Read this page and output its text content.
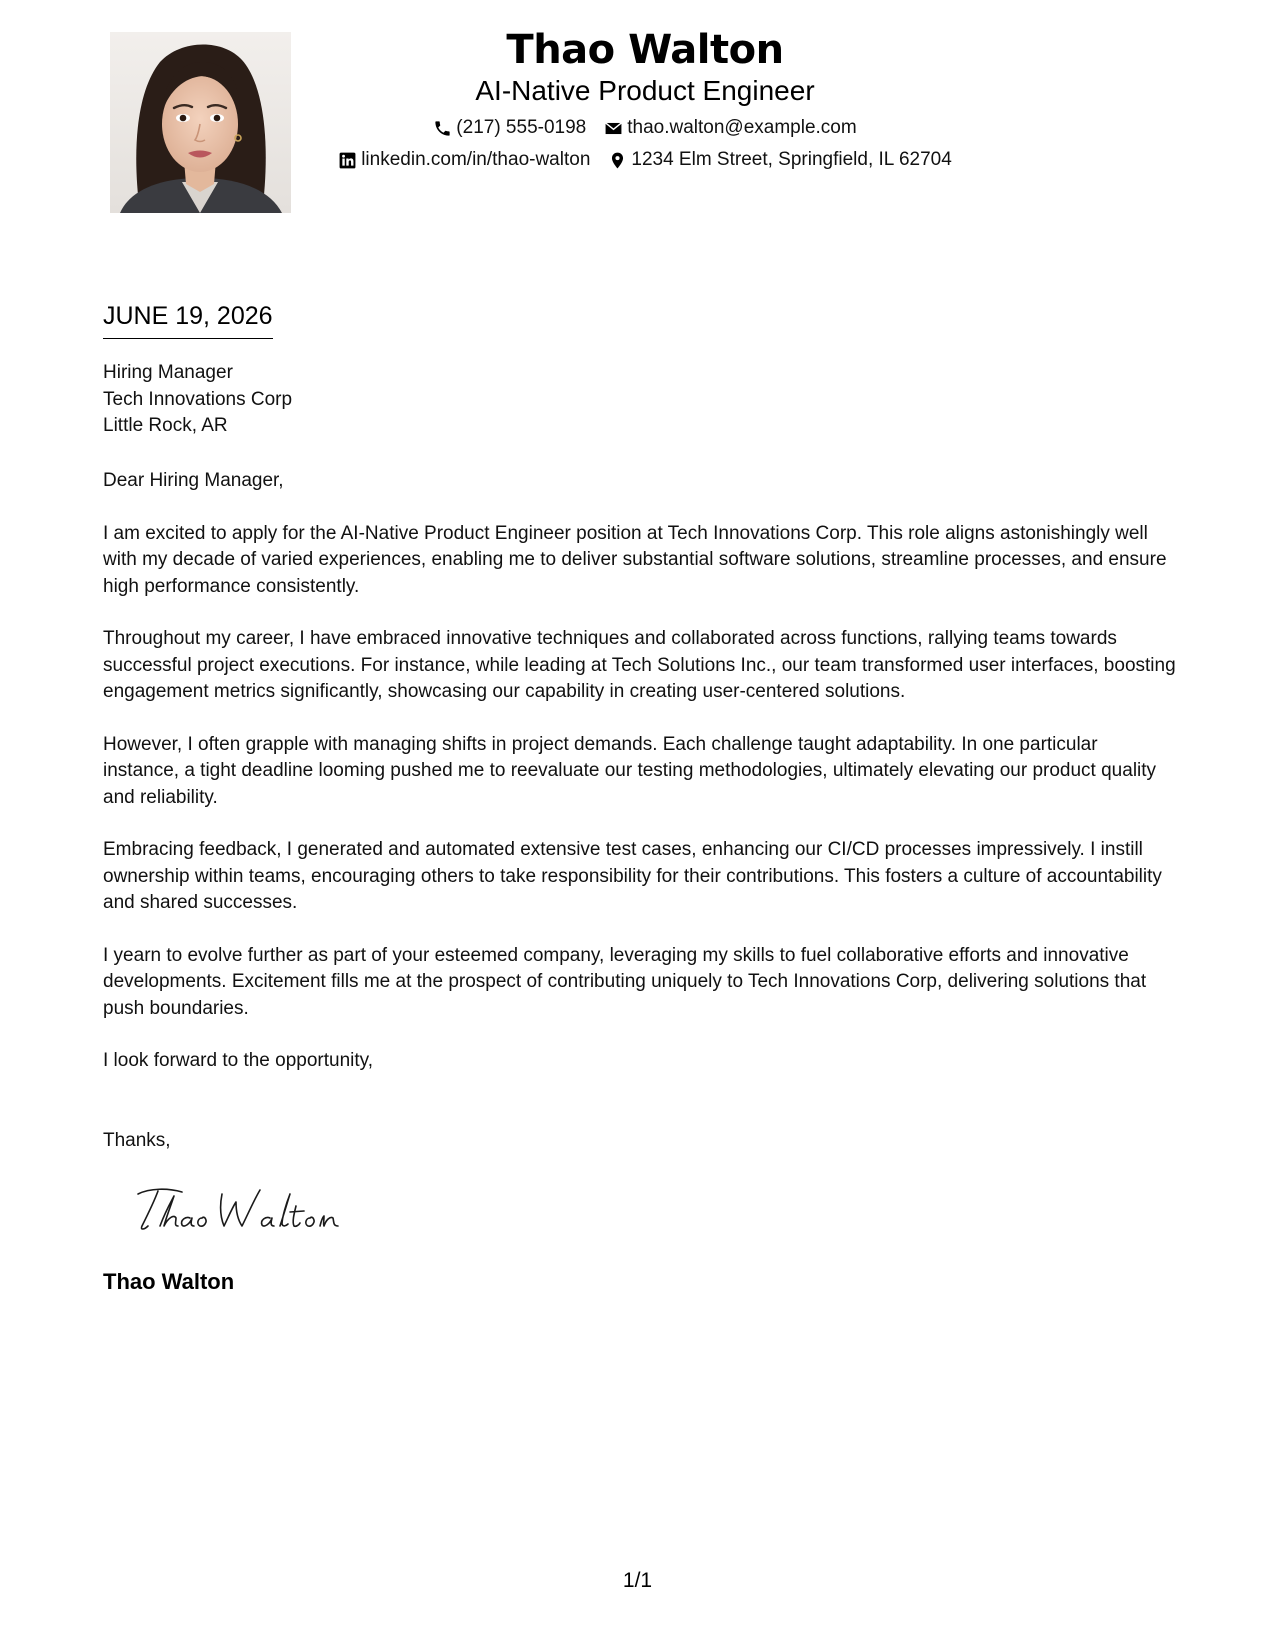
Thao Walton
AI-Native Product Engineer
(217) 555-0198 thao.walton@example.com
linkedin.com/in/thao-walton 1234 Elm Street, Springfield, IL 62704
JUNE 19, 2026
Hiring Manager
Tech Innovations Corp
Little Rock, AR

Dear Hiring Manager,

I am excited to apply for the AI-Native Product Engineer position at Tech Innovations Corp. This role aligns astonishingly well with my decade of varied experiences, enabling me to deliver substantial software solutions, streamline processes, and ensure high performance consistently.

Throughout my career, I have embraced innovative techniques and collaborated across functions, rallying teams towards successful project executions. For instance, while leading at Tech Solutions Inc., our team transformed user interfaces, boosting engagement metrics significantly, showcasing our capability in creating user-centered solutions.

However, I often grapple with managing shifts in project demands. Each challenge taught adaptability. In one particular instance, a tight deadline looming pushed me to reevaluate our testing methodologies, ultimately elevating our product quality and reliability.

Embracing feedback, I generated and automated extensive test cases, enhancing our CI/CD processes impressively. I instill ownership within teams, encouraging others to take responsibility for their contributions. This fosters a culture of accountability and shared successes.

I yearn to evolve further as part of your esteemed company, leveraging my skills to fuel collaborative efforts and innovative developments. Excitement fills me at the prospect of contributing uniquely to Tech Innovations Corp, delivering solutions that push boundaries.

I look forward to the opportunity,
Thanks,
Thao Walton
1/1
